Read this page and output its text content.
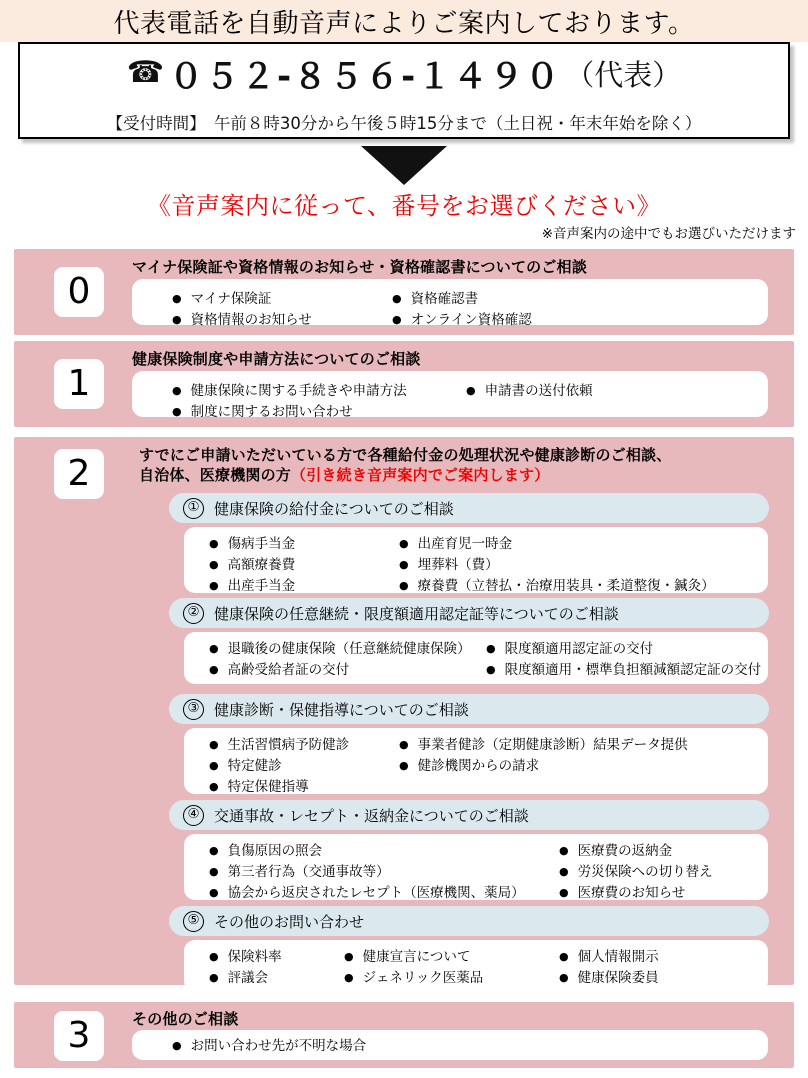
代表電話を自動音声によりご案内しております。
☎︎ ０５２-８５６-１４９０ （代表）
【受付時間】　午前８時30分から午後５時15分まで（土日祝・年末年始を除く）
《音声案内に従って、番号をお選びください》
※音声案内の途中でもお選びいただけます
0
マイナ保険証や資格情報のお知らせ・資格確認書についてのご相談
● マイナ保険証
● 資格情報のお知らせ
● 資格確認書
● オンライン資格確認
1
健康保険制度や申請方法についてのご相談
● 健康保険に関する手続きや申請方法
● 制度に関するお問い合わせ
● 申請書の送付依頼
2	すでにご申請いただいている方で各種給付金の処理状況や健康診断のご相談、
自治体、医療機関の方（引き続き音声案内でご案内します）
① 健康保険の給付金についてのご相談
● 傷病手当金
● 高額療養費
● 出産手当金
● 出産育児一時金
● 埋葬料（費）
● 療養費（立替払・治療用装具・柔道整復・鍼灸）
② 健康保険の任意継続・限度額適用認定証等についてのご相談
● 退職後の健康保険（任意継続健康保険）
● 高齢受給者証の交付
● 限度額適用認定証の交付
● 限度額適用・標準負担額減額認定証の交付
③ 健康診断・保健指導についてのご相談
● 生活習慣病予防健診
● 特定健診
● 特定保健指導
● 事業者健診（定期健康診断）結果データ提供
● 健診機関からの請求
④ 交通事故・レセプト・返納金についてのご相談
● 負傷原因の照会
● 第三者行為（交通事故等）
● 協会から返戻されたレセプト（医療機関、薬局）
● 医療費の返納金
● 労災保険への切り替え
● 医療費のお知らせ
⑤ その他のお問い合わせ
● 保険料率
● 評議会
● 健康宣言について
● ジェネリック医薬品
● 個人情報開示
● 健康保険委員
3	その他のご相談
● お問い合わせ先が不明な場合
